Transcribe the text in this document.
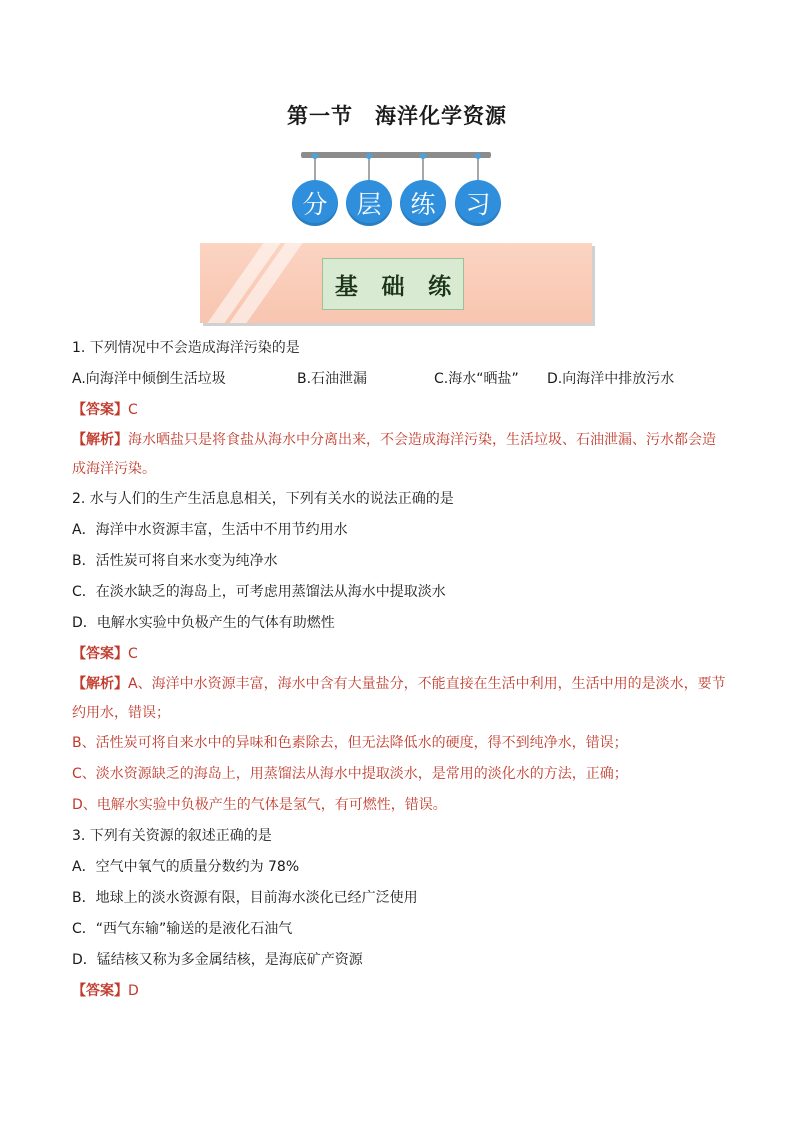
第一节 海洋化学资源
分	层	练	习
基 础 练

1. 下列情况中不会造成海洋污染的是

A.向海洋中倾倒生活垃圾	B.石油泄漏	C.海水“晒盐”	D.向海洋中排放污水

【答案】C

【解析】海水晒盐只是将食盐从海水中分离出来，不会造成海洋污染，生活垃圾、石油泄漏、污水都会造

成海洋污染。

2. 水与人们的生产生活息息相关，下列有关水的说法正确的是

A．海洋中水资源丰富，生活中不用节约用水

B．活性炭可将自来水变为纯净水

C．在淡水缺乏的海岛上，可考虑用蒸馏法从海水中提取淡水

D．电解水实验中负极产生的气体有助燃性

【答案】C

【解析】A、海洋中水资源丰富，海水中含有大量盐分，不能直接在生活中利用，生活中用的是淡水，要节

约用水，错误；

B、活性炭可将自来水中的异味和色素除去，但无法降低水的硬度，得不到纯净水，错误；

C、淡水资源缺乏的海岛上，用蒸馏法从海水中提取淡水，是常用的淡化水的方法，正确；

D、电解水实验中负极产生的气体是氢气，有可燃性，错误。

3. 下列有关资源的叙述正确的是

A．空气中氧气的质量分数约为 78%

B．地球上的淡水资源有限，目前海水淡化已经广泛使用

C．“西气东输”输送的是液化石油气

D．锰结核又称为多金属结核，是海底矿产资源

【答案】D
